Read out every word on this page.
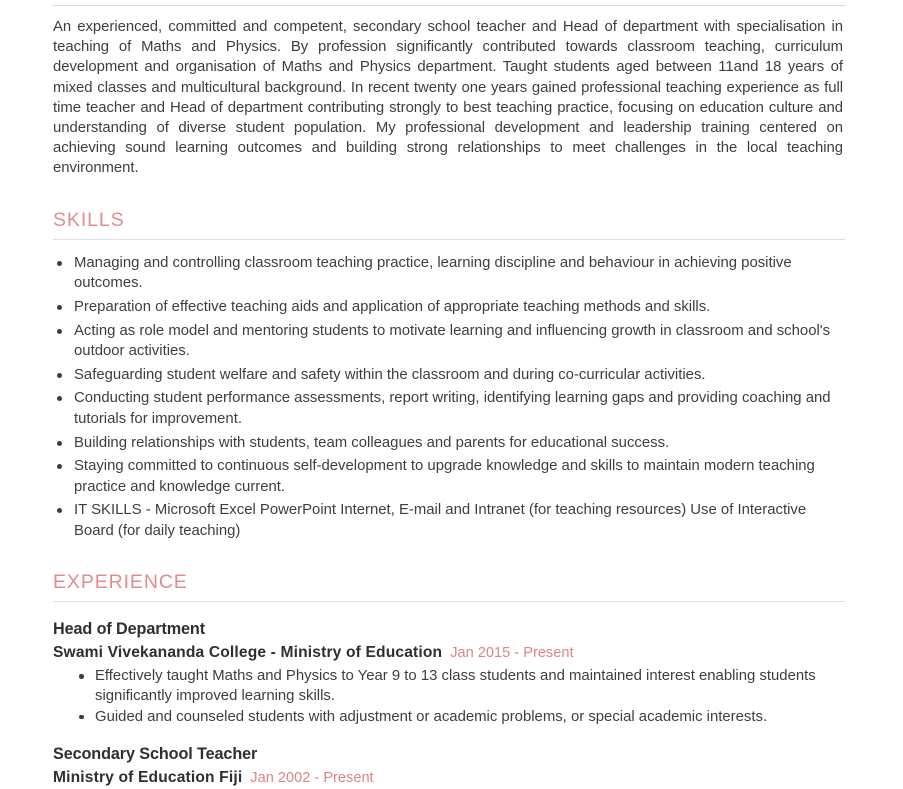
An experienced, committed and competent, secondary school teacher and Head of department with specialisation in teaching of Maths and Physics. By profession significantly contributed towards classroom teaching, curriculum development and organisation of Maths and Physics department. Taught students aged between 11and 18 years of mixed classes and multicultural background. In recent twenty one years gained professional teaching experience as full time teacher and Head of department contributing strongly to best teaching practice, focusing on education culture and understanding of diverse student population. My professional development and leadership training centered on achieving sound learning outcomes and building strong relationships to meet challenges in the local teaching environment.

SKILLS
Managing and controlling classroom teaching practice, learning discipline and behaviour in achieving positive outcomes.
Preparation of effective teaching aids and application of appropriate teaching methods and skills.
Acting as role model and mentoring students to motivate learning and influencing growth in classroom and school's outdoor activities.
Safeguarding student welfare and safety within the classroom and during co-curricular activities.
Conducting student performance assessments, report writing, identifying learning gaps and providing coaching and tutorials for improvement.
Building relationships with students, team colleagues and parents for educational success.
Staying committed to continuous self-development to upgrade knowledge and skills to maintain modern teaching practice and knowledge current.
IT SKILLS - Microsoft Excel PowerPoint Internet, E-mail and Intranet (for teaching resources) Use of Interactive Board (for daily teaching)
EXPERIENCE
Head of Department
Swami Vivekananda College - Ministry of Education Jan 2015 - Present
Effectively taught Maths and Physics to Year 9 to 13 class students and maintained interest enabling students significantly improved learning skills.
Guided and counseled students with adjustment or academic problems, or special academic interests.
Secondary School Teacher
Ministry of Education Fiji Jan 2002 - Present
